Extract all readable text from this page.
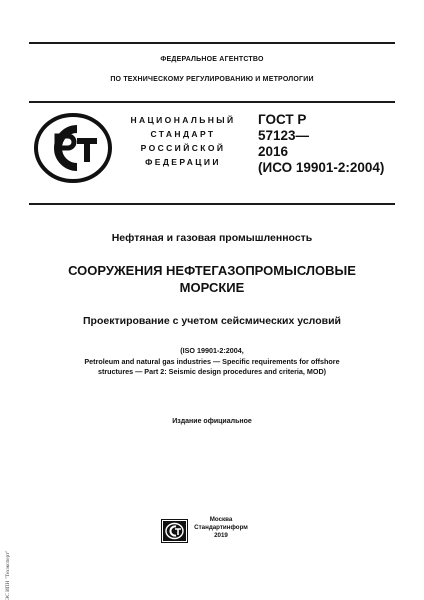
ФЕДЕРАЛЬНОЕ АГЕНТСТВО
ПО ТЕХНИЧЕСКОМУ РЕГУЛИРОВАНИЮ И МЕТРОЛОГИИ
НАЦИОНАЛЬНЫЙ
СТАНДАРТ
РОССИЙСКОЙ
ФЕДЕРАЦИИ
ГОСТ Р
57123—
2016
(ИСО 19901-2:2004)
Нефтяная и газовая промышленность
СООРУЖЕНИЯ НЕФТЕГАЗОПРОМЫСЛОВЫЕ
МОРСКИЕ
Проектирование с учетом сейсмических условий
(ISO 19901-2:2004,
Petroleum and natural gas industries — Specific requirements for offshore
structures — Part 2: Seismic design procedures and criteria, MOD)
Издание официальное
Москва
Стандартинформ
2019
ЭС ИПН "Техэксперт"
